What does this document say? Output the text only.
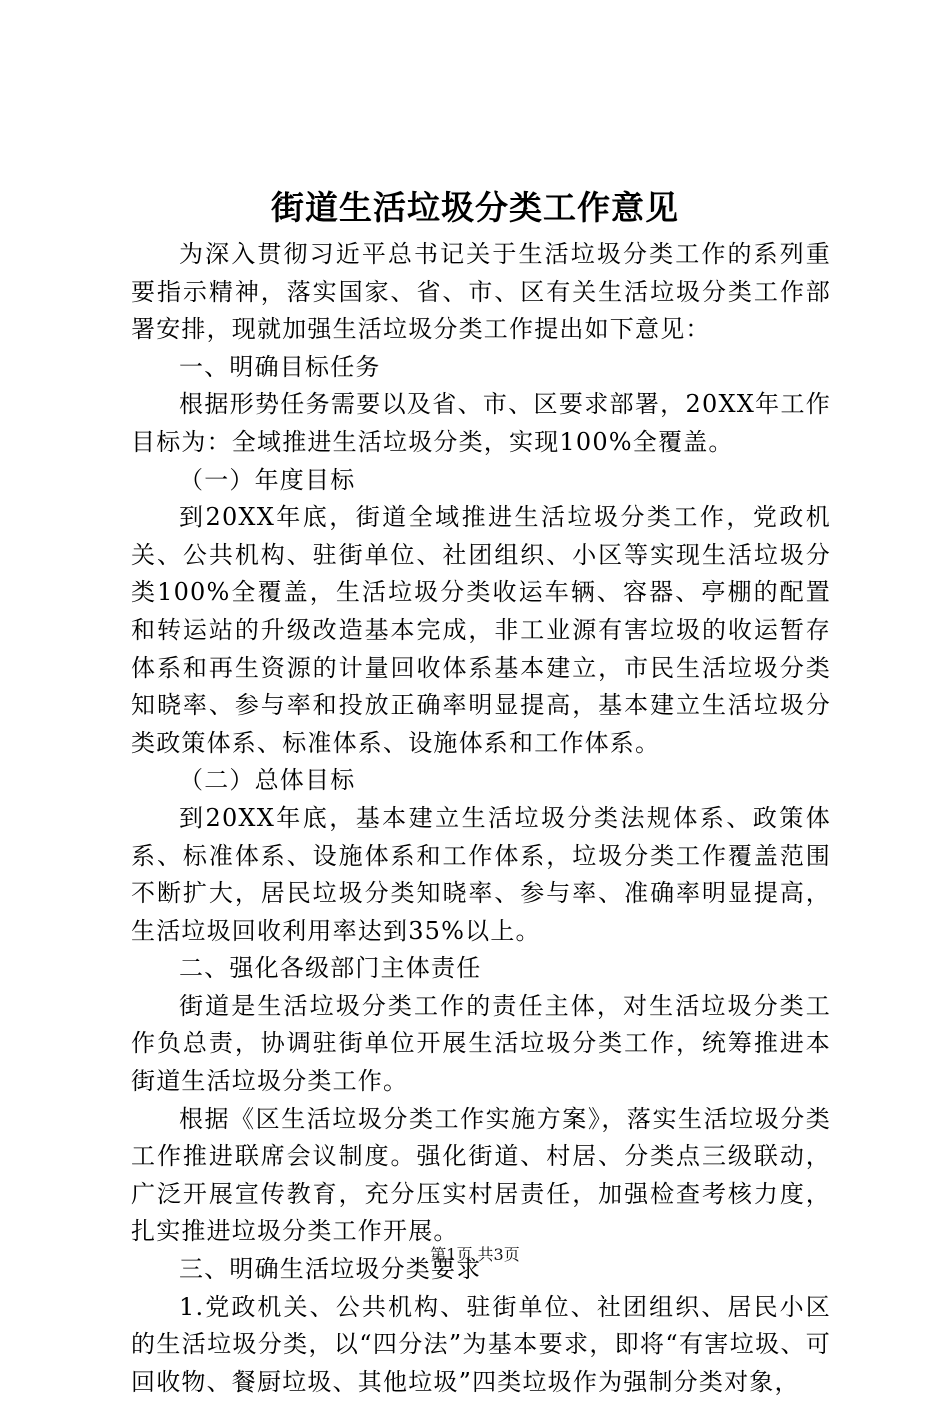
街道生活垃圾分类工作意见

为深入贯彻习近平总书记关于生活垃圾分类工作的系列重要指示精神，落实国家、省、市、区有关生活垃圾分类工作部署安排，现就加强生活垃圾分类工作提出如下意见：

一、明确目标任务

根据形势任务需要以及省、市、区要求部署，20XX年工作目标为：全域推进生活垃圾分类，实现100%全覆盖。

（一）年度目标

到20XX年底，街道全域推进生活垃圾分类工作，党政机关、公共机构、驻街单位、社团组织、小区等实现生活垃圾分类100%全覆盖，生活垃圾分类收运车辆、容器、亭棚的配置和转运站的升级改造基本完成，非工业源有害垃圾的收运暂存体系和再生资源的计量回收体系基本建立，市民生活垃圾分类知晓率、参与率和投放正确率明显提高，基本建立生活垃圾分类政策体系、标准体系、设施体系和工作体系。

（二）总体目标

到20XX年底，基本建立生活垃圾分类法规体系、政策体系、标准体系、设施体系和工作体系，垃圾分类工作覆盖范围不断扩大，居民垃圾分类知晓率、参与率、准确率明显提高，生活垃圾回收利用率达到35%以上。

二、强化各级部门主体责任

街道是生活垃圾分类工作的责任主体，对生活垃圾分类工作负总责，协调驻街单位开展生活垃圾分类工作，统筹推进本街道生活垃圾分类工作。

根据《区生活垃圾分类工作实施方案》，落实生活垃圾分类工作推进联席会议制度。强化街道、村居、分类点三级联动，广泛开展宣传教育，充分压实村居责任，加强检查考核力度，扎实推进垃圾分类工作开展。

三、明确生活垃圾分类要求

1.党政机关、公共机构、驻街单位、社团组织、居民小区的生活垃圾分类，以“四分法”为基本要求，即将“有害垃圾、可回收物、餐厨垃圾、其他垃圾”四类垃圾作为强制分类对象，

第1页 共3页
